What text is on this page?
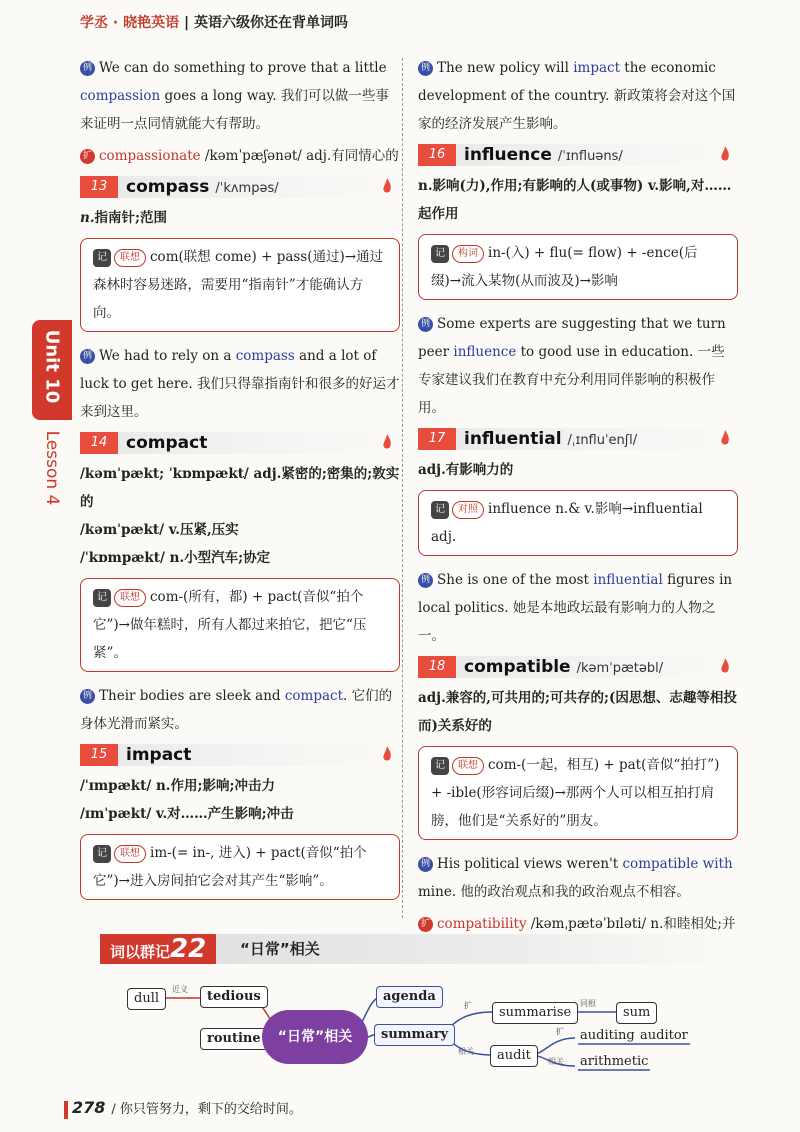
学丞 · 晓艳英语 | 英语六级你还在背单词吗
Unit 10
Lesson 4

例 We can do something to prove that a little compassion goes a long way. 我们可以做一些事来证明一点同情就能大有帮助。

扩 compassionate /kəmˈpæʃənət/ adj.有同情心的

13	compass /ˈkʌmpəs/

n.指南针;范围

记 联想 com(联想 come) + pass(通过)→通过森林时容易迷路，需要用“指南针”才能确认方向。

例 We had to rely on a compass and a lot of luck to get here. 我们只得靠指南针和很多的好运才来到这里。

14	compact

/kəmˈpækt; ˈkɒmpækt/ adj.紧密的;密集的;敦实的

/kəmˈpækt/ v.压紧,压实

/ˈkɒmpækt/ n.小型汽车;协定

记 联想 com-(所有，都) + pact(音似“拍个它”)→做年糕时，所有人都过来拍它，把它“压紧”。

例 Their bodies are sleek and compact. 它们的身体光滑而紧实。

15	impact

/ˈɪmpækt/ n.作用;影响;冲击力

/ɪmˈpækt/ v.对……产生影响;冲击

记 联想 im-(= in-, 进入) + pact(音似“拍个它”)→进入房间拍它会对其产生“影响”。

例 The new policy will impact the economic development of the country. 新政策将会对这个国家的经济发展产生影响。

16	influence /ˈɪnfluəns/

n.影响(力),作用;有影响的人(或事物) v.影响,对……起作用

记 构词 in-(入) + flu(= flow) + -ence(后缀)→流入某物(从而波及)→影响

例 Some experts are suggesting that we turn peer influence to good use in education. 一些专家建议我们在教育中充分利用同伴影响的积极作用。

17	influential /ˌɪnfluˈenʃl/

adj.有影响力的

记 对照 influence n.& v.影响→influential adj.

例 She is one of the most influential figures in local politics. 她是本地政坛最有影响力的人物之一。

18	compatible /kəmˈpætəbl/

adj.兼容的,可共用的;可共存的;(因思想、志趣等相投而)关系好的

记 联想 com-(一起，相互) + pat(音似“拍打”) + -ible(形容词后缀)→那两个人可以相互拍打肩膀，他们是“关系好的”朋友。

例 His political views weren't compatible with mine. 他的政治观点和我的政治观点不相容。

扩 compatibility /kəmˌpætəˈbɪləti/ n.和睦相处;并

词以群记22	“日常”相关
dull
近义	tedious
routine	“日常”相关
agenda
summary
扩
相关
summarise
同根
sum
audit
扩	auditing auditor
相关	arithmetic
278 / 你只管努力，剩下的交给时间。
